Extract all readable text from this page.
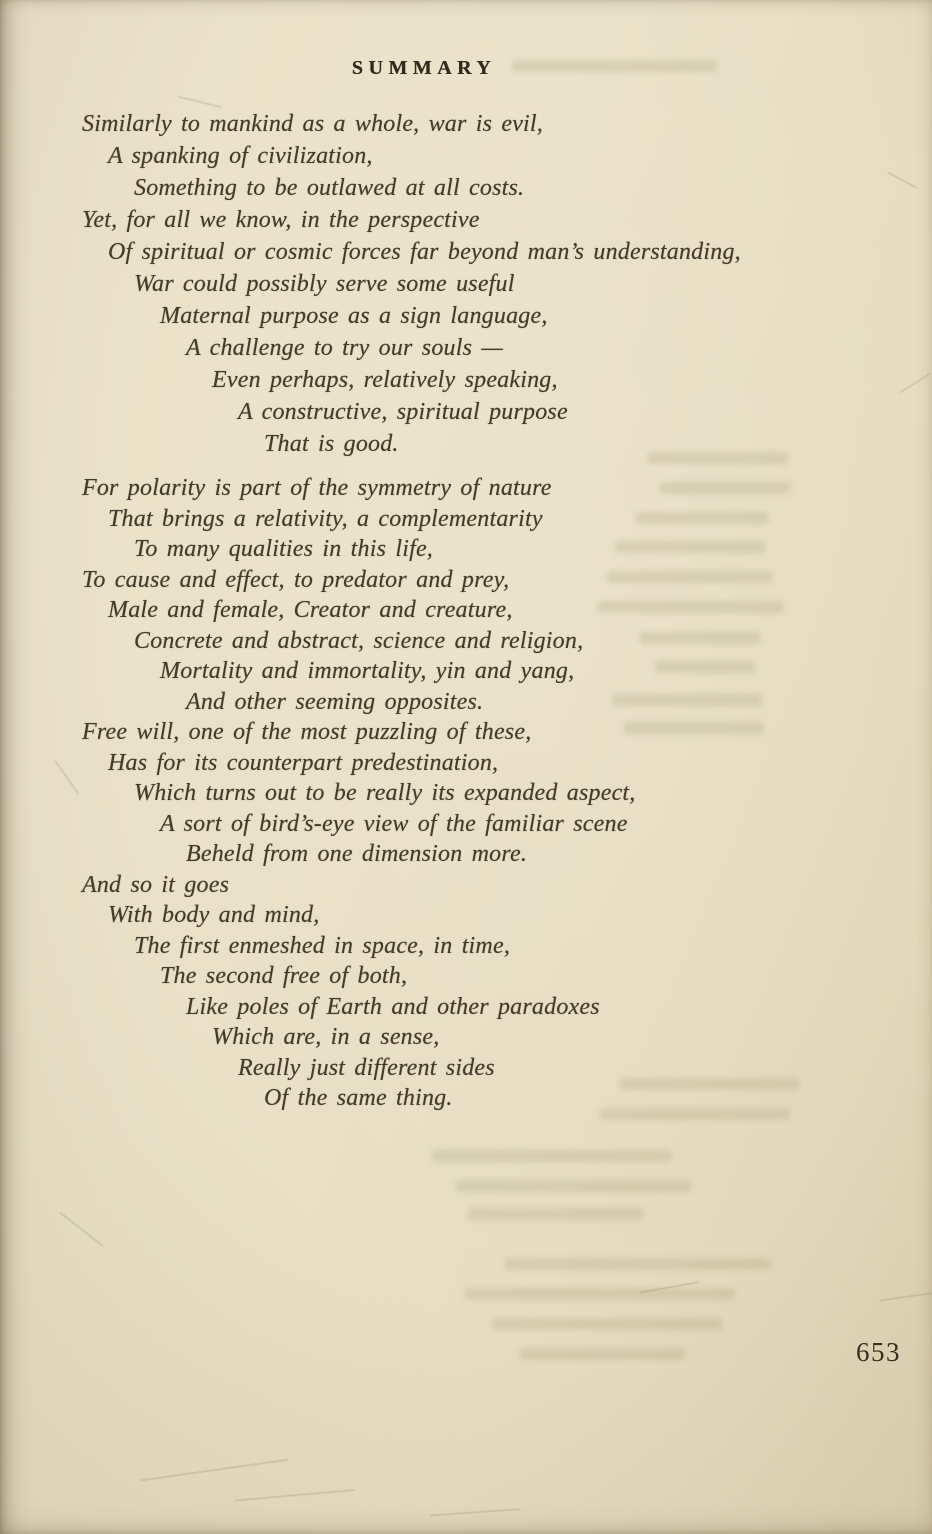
SUMMARY
Similarly to mankind as a whole, war is evil,
A spanking of civilization,
Something to be outlawed at all costs.
Yet, for all we know, in the perspective
Of spiritual or cosmic forces far beyond man’s understanding,
War could possibly serve some useful
Maternal purpose as a sign language,
A challenge to try our souls —
Even perhaps, relatively speaking,
A constructive, spiritual purpose
That is good.
For polarity is part of the symmetry of nature
That brings a relativity, a complementarity
To many qualities in this life,
To cause and effect, to predator and prey,
Male and female, Creator and creature,
Concrete and abstract, science and religion,
Mortality and immortality, yin and yang,
And other seeming opposites.
Free will, one of the most puzzling of these,
Has for its counterpart predestination,
Which turns out to be really its expanded aspect,
A sort of bird’s-eye view of the familiar scene
Beheld from one dimension more.
And so it goes
With body and mind,
The first enmeshed in space, in time,
The second free of both,
Like poles of Earth and other paradoxes
Which are, in a sense,
Really just different sides
Of the same thing.
653
